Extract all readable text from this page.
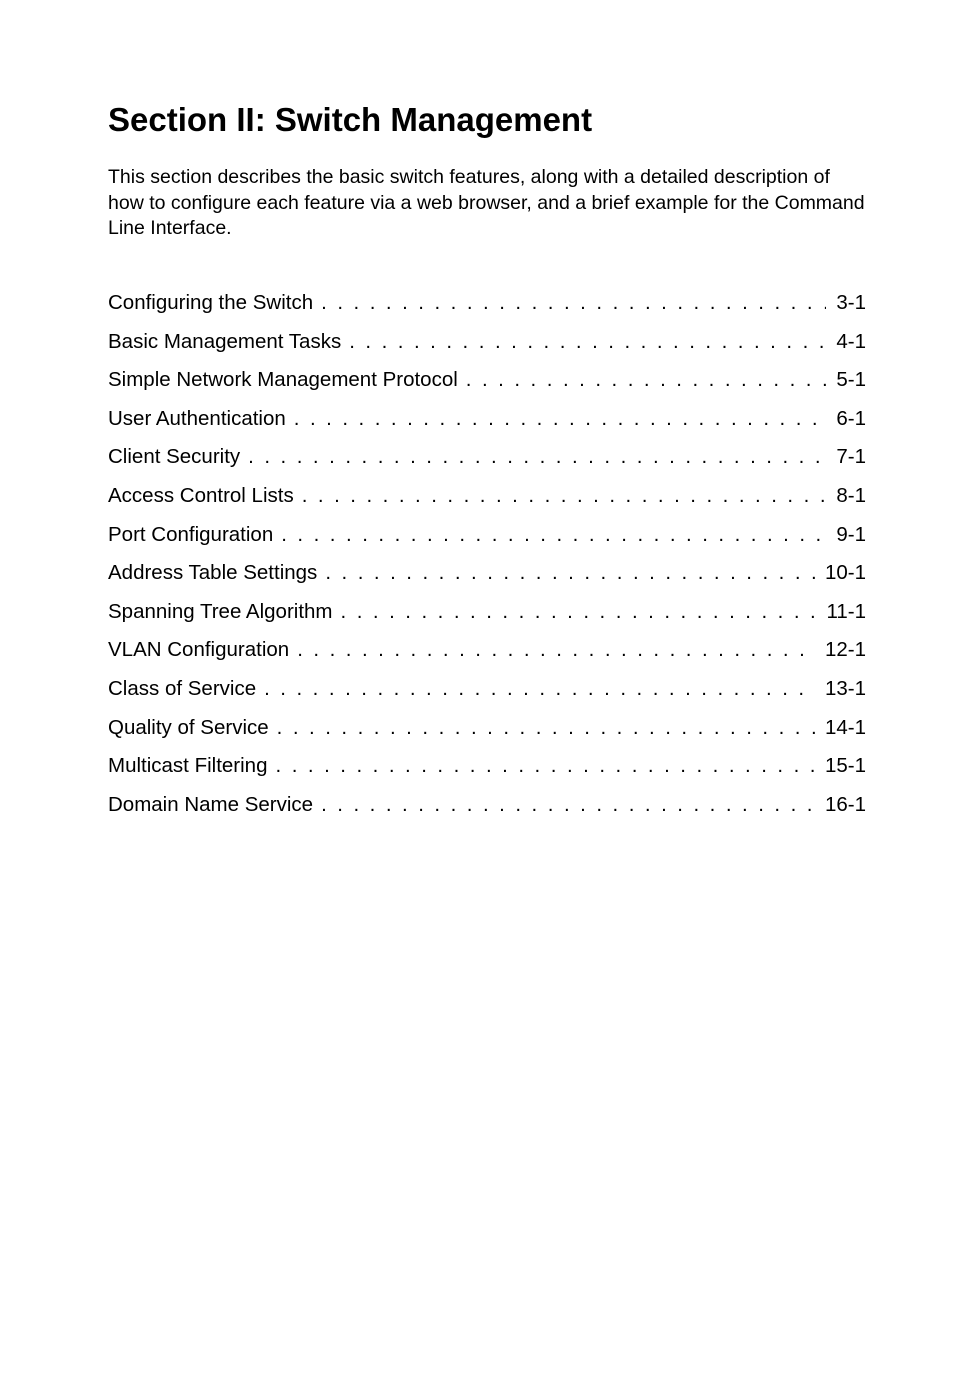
Section II: Switch Management

This section describes the basic switch features, along with a detailed description of how to configure each feature via a web browser, and a brief example for the Command Line Interface.

Configuring the Switch . . .	3-1
Basic Management Tasks . . .	4-1
Simple Network Management Protocol . . .	5-1
User Authentication . . .	6-1
Client Security . . .	7-1
Access Control Lists . . .	8-1
Port Configuration . . .	9-1
Address Table Settings . . .	10-1
Spanning Tree Algorithm . . .	11-1
VLAN Configuration . . .	12-1
Class of Service . . .	13-1
Quality of Service . . .	14-1
Multicast Filtering . . .	15-1
Domain Name Service . . .	16-1
